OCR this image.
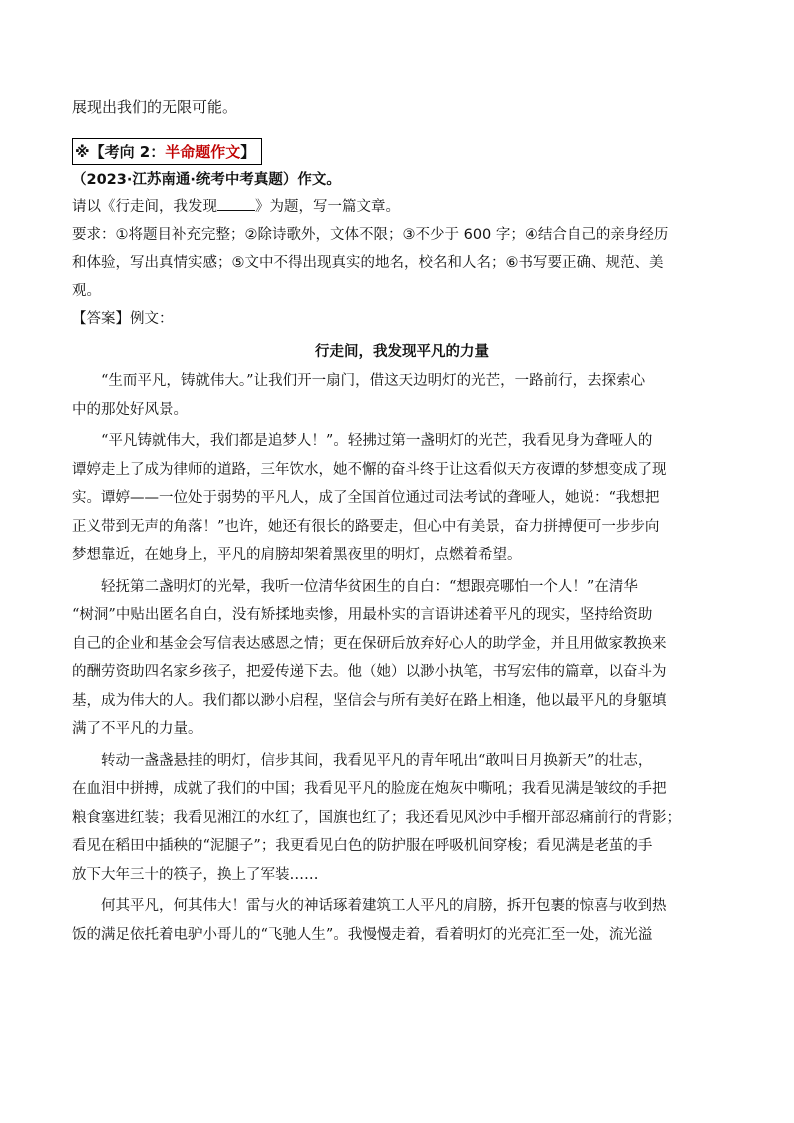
展现出我们的无限可能。

※【考向 2：半命题作文】

（2023·江苏南通·统考中考真题）作文。

请以《行走间，我发现	》为题，写一篇文章。

要求：①将题目补充完整；②除诗歌外，文体不限；③不少于 600 字；④结合自己的亲身经历

和体验，写出真情实感；⑤文中不得出现真实的地名，校名和人名；⑥书写要正确、规范、美

观。

【答案】例文：

行走间，我发现平凡的力量

“生而平凡，铸就伟大。”让我们开一扇门，借这天边明灯的光芒，一路前行，去探索心
中的那处好风景。

“平凡铸就伟大，我们都是追梦人！”。轻拂过第一盏明灯的光芒，我看见身为聋哑人的
谭婷走上了成为律师的道路，三年饮水，她不懈的奋斗终于让这看似天方夜谭的梦想变成了现
实。谭婷——一位处于弱势的平凡人，成了全国首位通过司法考试的聋哑人，她说：“我想把
正义带到无声的角落！”也许，她还有很长的路要走，但心中有美景，奋力拼搏便可一步步向
梦想靠近，在她身上，平凡的肩膀却架着黑夜里的明灯，点燃着希望。

轻抚第二盏明灯的光晕，我听一位清华贫困生的自白：“想跟亮哪怕一个人！”在清华
“树洞”中贴出匿名自白，没有矫揉地卖惨，用最朴实的言语讲述着平凡的现实，坚持给资助
自己的企业和基金会写信表达感恩之情；更在保研后放弃好心人的助学金，并且用做家教换来
的酬劳资助四名家乡孩子，把爱传递下去。他（她）以渺小执笔，书写宏伟的篇章，以奋斗为
基，成为伟大的人。我们都以渺小启程，坚信会与所有美好在路上相逢，他以最平凡的身躯填
满了不平凡的力量。

转动一盏盏悬挂的明灯，信步其间，我看见平凡的青年吼出“敢叫日月换新天”的壮志，
在血泪中拼搏，成就了我们的中国；我看见平凡的脸庞在炮灰中嘶吼；我看见满是皱纹的手把
粮食塞进红装；我看见湘江的水红了，国旗也红了；我还看见风沙中手榴开部忍痛前行的背影；
看见在稻田中插秧的“泥腿子”；我更看见白色的防护服在呼吸机间穿梭；看见满是老茧的手
放下大年三十的筷子，换上了军装……

何其平凡，何其伟大！雷与火的神话琢着建筑工人平凡的肩膀，拆开包裹的惊喜与收到热
饭的满足依托着电驴小哥儿的“飞驰人生”。我慢慢走着，看着明灯的光亮汇至一处，流光溢
